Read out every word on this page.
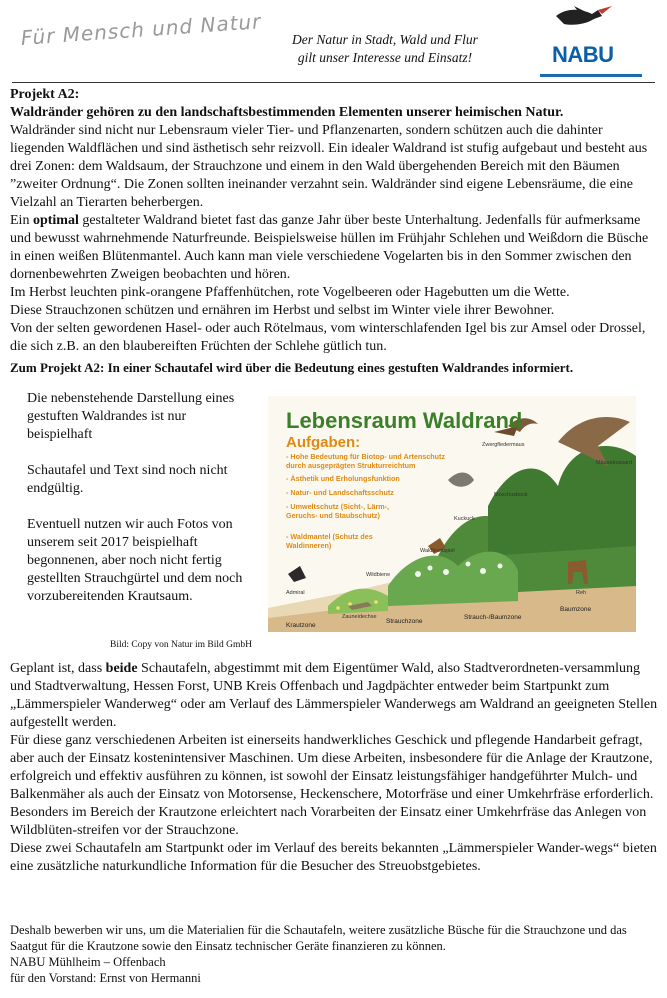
Für Mensch und Natur	Der Natur in Stadt, Wald und Flur
gilt unser Interesse und Einsatz!	NABU

Projekt A2:

Waldränder gehören zu den landschaftsbestimmenden Elementen unserer heimischen Natur.

Waldränder sind nicht nur Lebensraum vieler Tier- und Pflanzenarten, sondern schützen auch die dahinter liegenden Waldflächen und sind ästhetisch sehr reizvoll. Ein idealer Waldrand ist stufig aufgebaut und besteht aus drei Zonen: dem Waldsaum, der Strauchzone und einem in den Wald übergehenden Bereich mit den Bäumen ”zweiter Ordnung“. Die Zonen sollten ineinander verzahnt sein. Waldränder sind eigene Lebensräume, die eine Vielzahl an Tierarten beherbergen.

Ein optimal gestalteter Waldrand bietet fast das ganze Jahr über beste Unterhaltung. Jedenfalls für aufmerksame und bewusst wahrnehmende Naturfreunde. Beispielsweise hüllen im Frühjahr Schlehen und Weißdorn die Büsche in einen weißen Blütenmantel. Auch kann man viele verschiedene Vogelarten bis in den Sommer zwischen den dornenbewehrten Zweigen beobachten und hören.

Im Herbst leuchten pink-orangene Pfaffenhütchen, rote Vogelbeeren oder Hagebutten um die Wette.

Diese Strauchzonen schützen und ernähren im Herbst und selbst im Winter viele ihrer Bewohner.

Von der selten gewordenen Hasel- oder auch Rötelmaus, vom winterschlafenden Igel bis zur Amsel oder Drossel, die sich z.B. an den blaubereiften Früchten der Schlehe gütlich tun.

Zum Projekt A2: In einer Schautafel wird über die Bedeutung eines gestuften Waldrandes informiert.

Die nebenstehende Darstellung eines gestuften Waldrandes ist nur beispielhaft

Schautafel und Text sind noch nicht endgültig.

Eventuell nutzen wir auch Fotos von unserem seit 2017 beispielhaft begonnenen, aber noch nicht fertig gestellten Strauchgürtel und dem noch vorzubereitenden Krautsaum.

Bild: Copy von Natur im Bild GmbH
Lebensraum Waldrand
Aufgaben:
- Hohe Bedeutung für Biotop- und Artenschutz durch ausgeprägten Strukturreichtum
- Ästhetik und Erholungsfunktion
- Natur- und Landschaftsschutz
- Umweltschutz (Sicht-, Lärm-, Geruchs- und Staubschutz)
- Waldmantel (Schutz des Waldinneren)
Zwergfledermaus
Mäusebussard
Kuckuck
Moschusbock
Waldbrettspiel
Wildbiene
Admiral
Zauneidechse
Reh
Krautzone
Strauchzone
Strauch-/Baumzone
Baumzone

Geplant ist, dass beide Schautafeln, abgestimmt mit dem Eigentümer Wald, also Stadtverordneten-versammlung und Stadtverwaltung, Hessen Forst, UNB Kreis Offenbach und Jagdpächter entweder beim Startpunkt zum „Lämmerspieler Wanderweg“ oder am Verlauf des Lämmerspieler Wanderwegs am Waldrand an geeigneten Stellen aufgestellt werden.

Für diese ganz verschiedenen Arbeiten ist einerseits handwerkliches Geschick und pflegende Handarbeit gefragt, aber auch der Einsatz kostenintensiver Maschinen. Um diese Arbeiten, insbesondere für die Anlage der Krautzone, erfolgreich und effektiv ausführen zu können, ist sowohl der Einsatz leistungsfähiger handgeführter Mulch- und Balkenmäher als auch der Einsatz von Motorsense, Heckenschere, Motorfräse und einer Umkehrfräse erforderlich. Besonders im Bereich der Krautzone erleichtert nach Vorarbeiten der Einsatz einer Umkehrfräse das Anlegen von Wildblüten-streifen vor der Strauchzone.

Diese zwei Schautafeln am Startpunkt oder im Verlauf des bereits bekannten „Lämmerspieler Wander-wegs“ bieten eine zusätzliche naturkundliche Information für die Besucher des Streuobstgebietes.

Deshalb bewerben wir uns, um die Materialien für die Schautafeln, weitere zusätzliche Büsche für die Strauchzone und das Saatgut für die Krautzone sowie den Einsatz technischer Geräte finanzieren zu können.

NABU Mühlheim – Offenbach

für den Vorstand: Ernst von Hermanni
